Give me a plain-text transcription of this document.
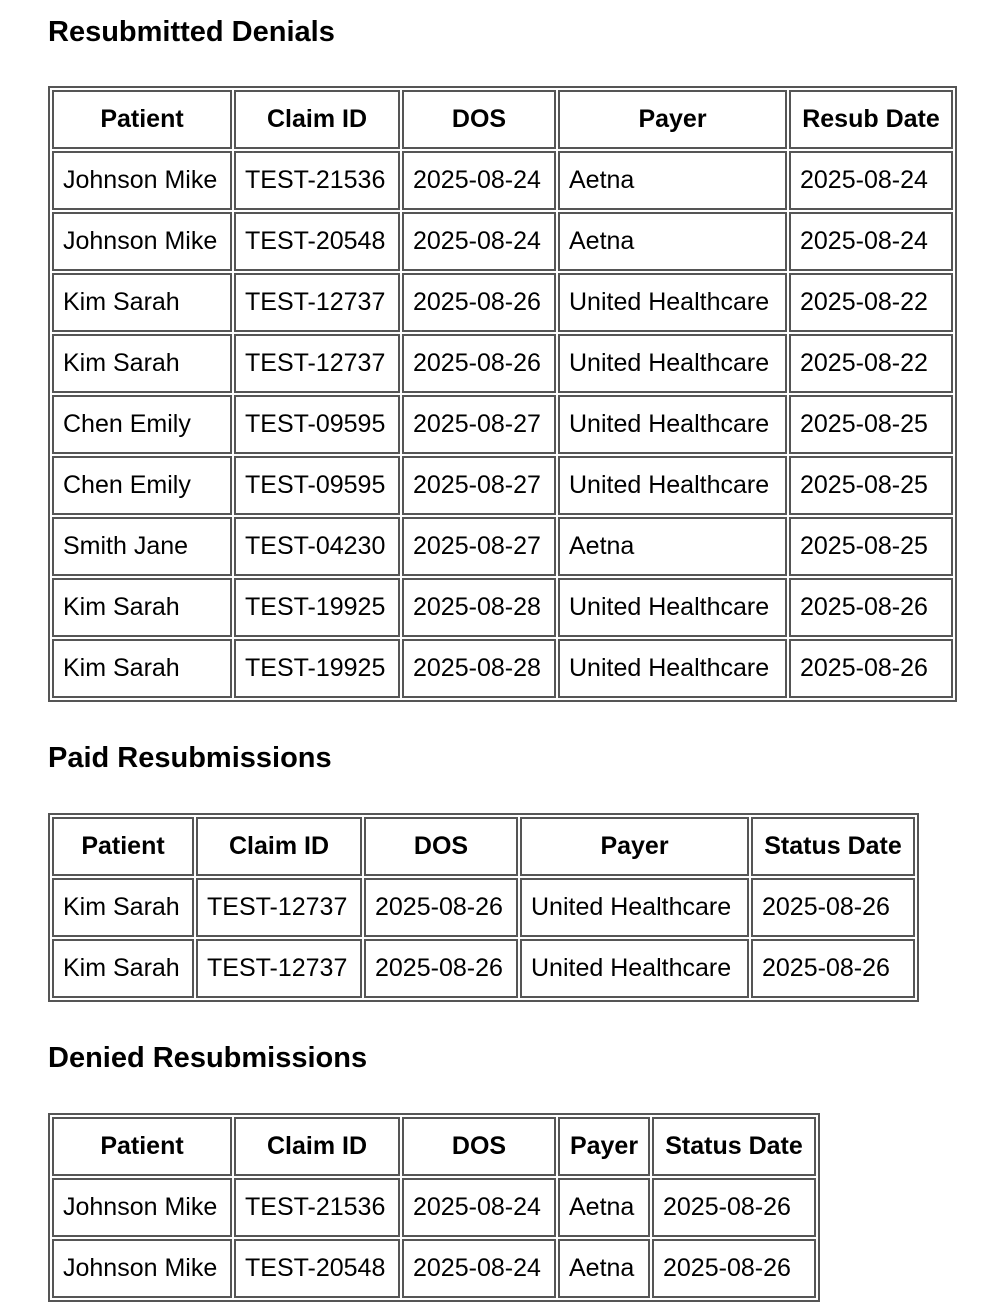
Resubmitted Denials
Patient	Claim ID	DOS	Payer	Resub Date
Johnson Mike	TEST-21536	2025-08-24	Aetna	2025-08-24
Johnson Mike	TEST-20548	2025-08-24	Aetna	2025-08-24
Kim Sarah	TEST-12737	2025-08-26	United Healthcare	2025-08-22
Kim Sarah	TEST-12737	2025-08-26	United Healthcare	2025-08-22
Chen Emily	TEST-09595	2025-08-27	United Healthcare	2025-08-25
Chen Emily	TEST-09595	2025-08-27	United Healthcare	2025-08-25
Smith Jane	TEST-04230	2025-08-27	Aetna	2025-08-25
Kim Sarah	TEST-19925	2025-08-28	United Healthcare	2025-08-26
Kim Sarah	TEST-19925	2025-08-28	United Healthcare	2025-08-26
Paid Resubmissions
Patient	Claim ID	DOS	Payer	Status Date
Kim Sarah	TEST-12737	2025-08-26	United Healthcare	2025-08-26
Kim Sarah	TEST-12737	2025-08-26	United Healthcare	2025-08-26
Denied Resubmissions
Patient	Claim ID	DOS	Payer	Status Date
Johnson Mike	TEST-21536	2025-08-24	Aetna	2025-08-26
Johnson Mike	TEST-20548	2025-08-24	Aetna	2025-08-26
